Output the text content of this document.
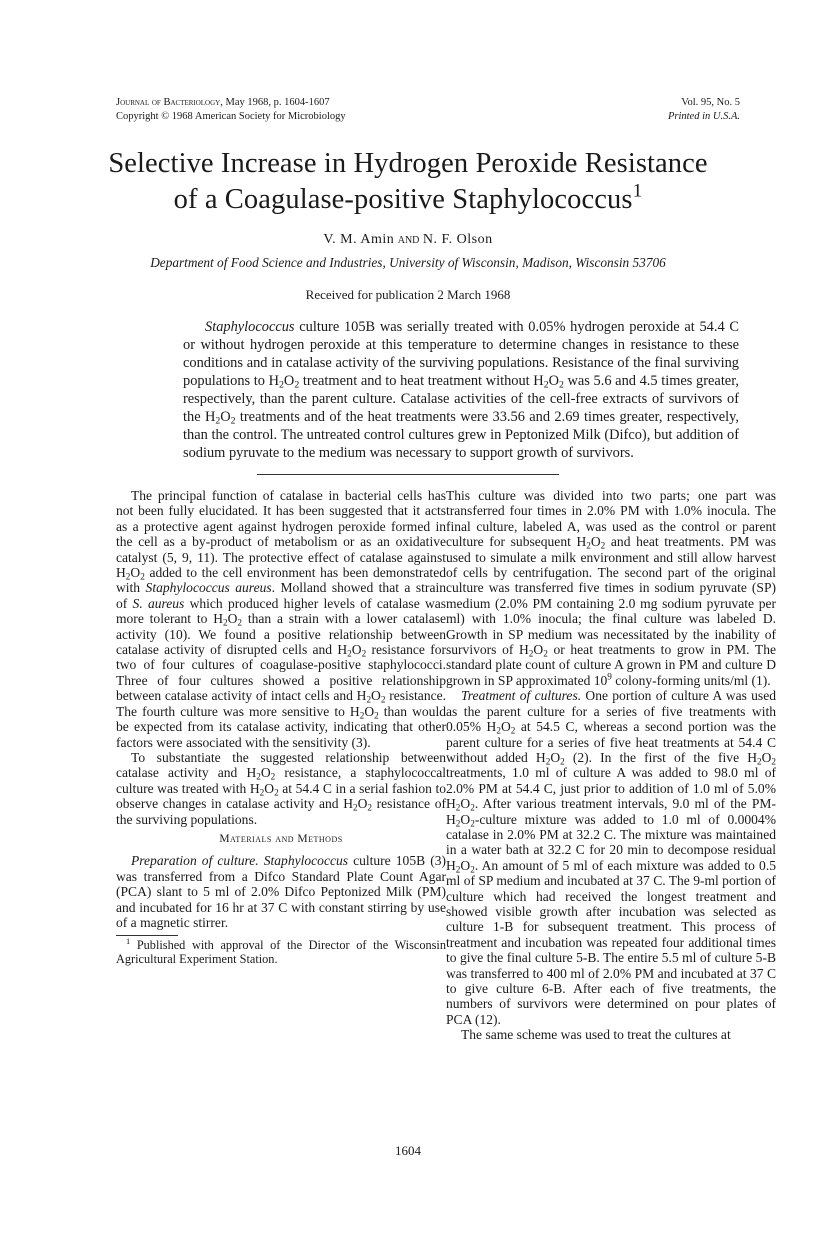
Journal of Bacteriology, May 1968, p. 1604-1607
Copyright © 1968 American Society for Microbiology
Vol. 95, No. 5
Printed in U.S.A.
Selective Increase in Hydrogen Peroxide Resistance
of a Coagulase-positive Staphylococcus$^1$
V. M. Amin and N. F. Olson
Department of Food Science and Industries, University of Wisconsin, Madison, Wisconsin 53706
Received for publication 2 March 1968
Staphylococcus culture 105B was serially treated with 0.05% hydrogen peroxide at 54.4 C or without hydrogen peroxide at this temperature to determine changes in resistance to these conditions and in catalase activity of the surviving populations. Resistance of the final surviving populations to $H_2O_2$ treatment and to heat treatment without $H_2O_2$ was 5.6 and 4.5 times greater, respectively, than the parent culture. Catalase activities of the cell-free extracts of survivors of the $H_2O_2$ treatments and of the heat treatments were 33.56 and 2.69 times greater, respectively, than the control. The untreated control cultures grew in Peptonized Milk (Difco), but addition of sodium pyruvate to the medium was necessary to support growth of survivors.

The principal function of catalase in bacterial cells has not been fully elucidated. It has been suggested that it acts as a protective agent against hydrogen peroxide formed in the cell as a by-product of metabolism or as an oxidative catalyst (5, 9, 11). The protective effect of catalase against $H_2O_2$ added to the cell environment has been demonstrated with Staphylococcus aureus. Molland showed that a strain of S. aureus which produced higher levels of catalase was more tolerant to $H_2O_2$ than a strain with a lower catalase activity (10). We found a positive relationship between catalase activity of disrupted cells and $H_2O_2$ resistance for two of four cultures of coagulase-positive staphylococci. Three of four cultures showed a positive relationship between catalase activity of intact cells and $H_2O_2$ resistance. The fourth culture was more sensitive to $H_2O_2$ than would be expected from its catalase activity, indicating that other factors were associated with the sensitivity (3).

To substantiate the suggested relationship between catalase activity and $H_2O_2$ resistance, a staphylococcal culture was treated with $H_2O_2$ at 54.4 C in a serial fashion to observe changes in catalase activity and $H_2O_2$ resistance of the surviving populations.

Materials and Methods

Preparation of culture. Staphylococcus culture 105B (3) was transferred from a Difco Standard Plate Count Agar (PCA) slant to 5 ml of 2.0% Difco Peptonized Milk (PM) and incubated for 16 hr at 37 C with constant stirring by use of a magnetic stirrer.

$^1$ Published with approval of the Director of the Wisconsin Agricultural Experiment Station.

This culture was divided into two parts; one part was transferred four times in 2.0% PM with 1.0% inocula. The final culture, labeled A, was used as the control or parent culture for subsequent $H_2O_2$ and heat treatments. PM was used to simulate a milk environment and still allow harvest of cells by centrifugation. The second part of the original culture was transferred five times in sodium pyruvate (SP) medium (2.0% PM containing 2.0 mg sodium pyruvate per ml) with 1.0% inocula; the final culture was labeled D. Growth in SP medium was necessitated by the inability of survivors of $H_2O_2$ or heat treatments to grow in PM. The standard plate count of culture A grown in PM and culture D grown in SP approximated $10^9$ colony-forming units/ml (1).

Treatment of cultures. One portion of culture A was used as the parent culture for a series of five treatments with 0.05% $H_2O_2$ at 54.5 C, whereas a second portion was the parent culture for a series of five heat treatments at 54.4 C without added $H_2O_2$ (2). In the first of the five $H_2O_2$ treatments, 1.0 ml of culture A was added to 98.0 ml of 2.0% PM at 54.4 C, just prior to addition of 1.0 ml of 5.0% $H_2O_2$. After various treatment intervals, 9.0 ml of the $PM-H_2O_2$-culture mixture was added to 1.0 ml of 0.0004% catalase in 2.0% PM at 32.2 C. The mixture was maintained in a water bath at 32.2 C for 20 min to decompose residual $H_2O_2$. An amount of 5 ml of each mixture was added to 0.5 ml of SP medium and incubated at 37 C. The 9-ml portion of culture which had received the longest treatment and showed visible growth after incubation was selected as culture 1-B for subsequent treatment. This process of treatment and incubation was repeated four additional times to give the final culture 5-B. The entire 5.5 ml of culture 5-B was transferred to 400 ml of 2.0% PM and incubated at 37 C to give culture 6-B. After each of five treatments, the numbers of survivors were determined on pour plates of PCA (12).

The same scheme was used to treat the cultures at

1604
